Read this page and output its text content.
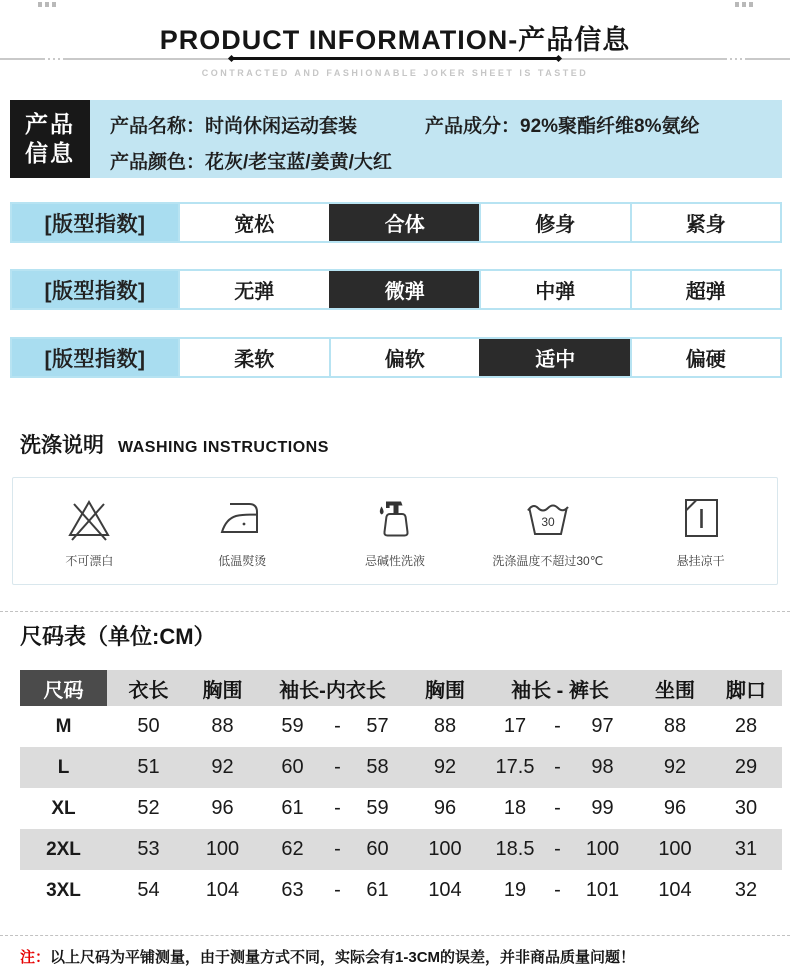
PRODUCT INFORMATION-产品信息
CONTRACTED AND FASHIONABLE JOKER SHEET IS TASTED
产品
信息
产品名称：时尚休闲运动套装	产品成分：92%聚酯纤维8%氨纶
产品颜色：花灰/老宝蓝/姜黄/大红
[版型指数]	宽松	合体	修身	紧身
[版型指数]	无弹	微弹	中弹	超弹
[版型指数]	柔软	偏软	适中	偏硬
洗涤说明 WASHING INSTRUCTIONS
不可漂白	低温熨烫	忌碱性洗液
30
洗涤温度不超过30℃	悬挂凉干
尺码表（单位:CM）
尺码	衣长	胸围	袖长-内衣长	胸围	袖长 - 裤长	坐围	脚口
M	50	88	59	-	57	88	17	-	97	88	28
L	51	92	60	-	58	92	17.5 -	98	92	29
XL	52	96	61	-	59	96	18	-	99	96	30
2XL	53	100	62	-	60	100	18.5 -	100	100	31
3XL	54	104	63	-	61	104	19	-	101	104	32
注：以上尺码为平铺测量，由于测量方式不同，实际会有1-3CM的误差，并非商品质量问题！
